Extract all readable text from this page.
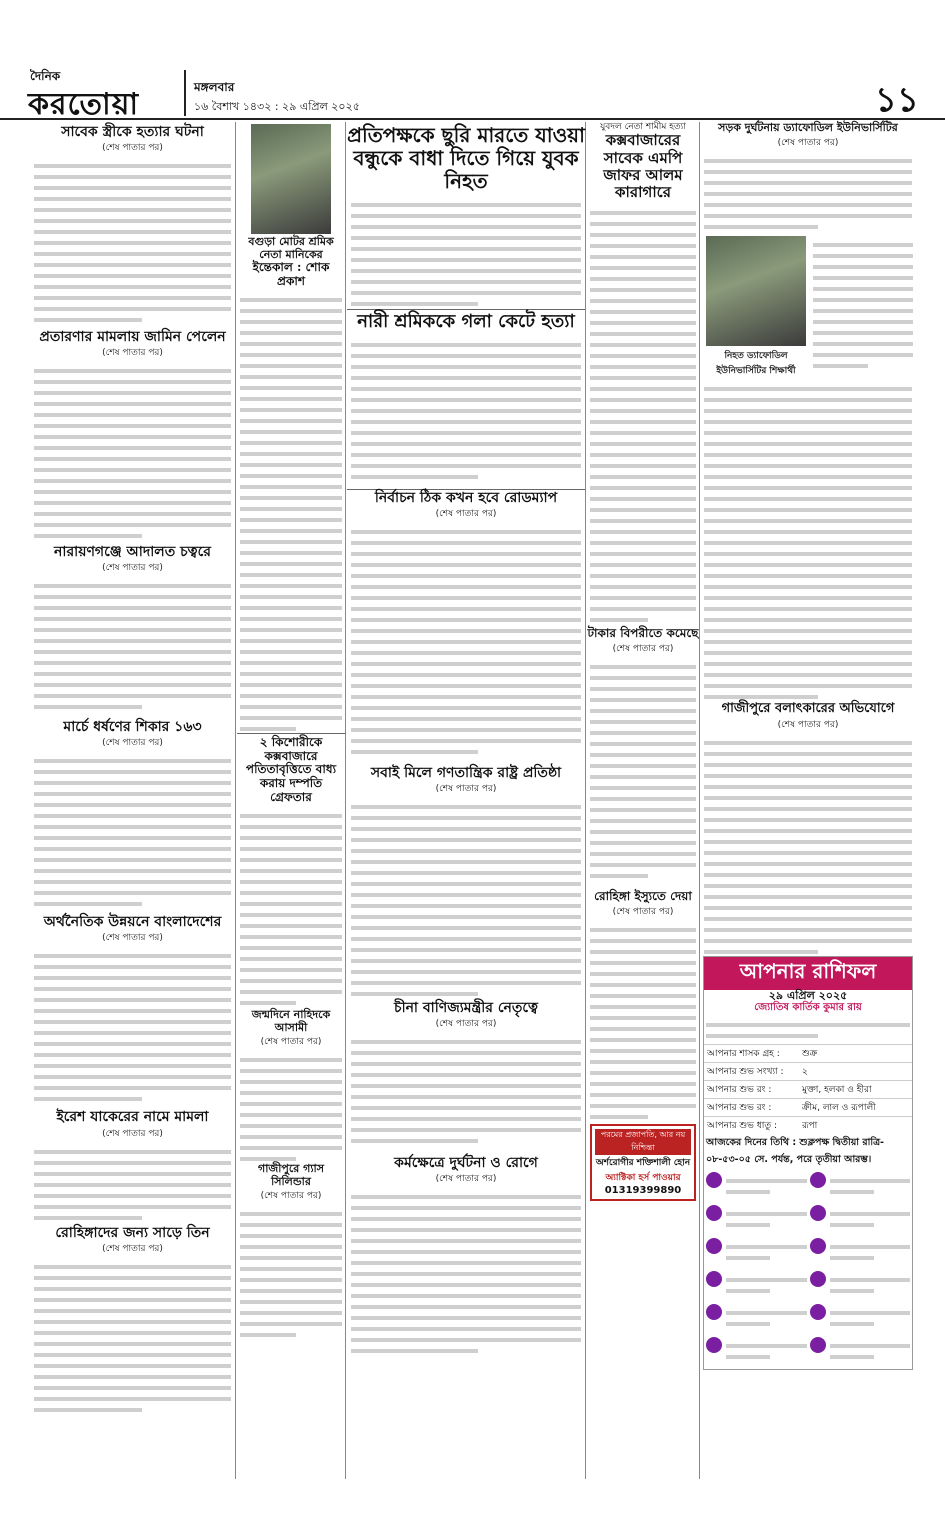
দৈনিক
করতোয়া	মঙ্গলবার
১৬ বৈশাখ ১৪৩২ : ২৯ এপ্রিল ২০২৫	১১
সাবেক স্ত্রীকে হত্যার ঘটনা
(শেষ পাতার পর)
প্রতারণার মামলায় জামিন পেলেন
(শেষ পাতার পর)
নারায়ণগঞ্জে আদালত চত্বরে
(শেষ পাতার পর)
মার্চে ধর্ষণের শিকার ১৬৩
(শেষ পাতার পর)
অর্থনৈতিক উন্নয়নে বাংলাদেশের
(শেষ পাতার পর)
ইরেশ যাকেরের নামে মামলা
(শেষ পাতার পর)
রোহিঙ্গাদের জন্য সাড়ে তিন
(শেষ পাতার পর)
বগুড়া মোটর শ্রমিক
নেতা মানিকের
ইন্তেকাল : শোক প্রকাশ
২ কিশোরীকে কক্সবাজারে পতিতাবৃত্তিতে বাধ্য করায় দম্পতি গ্রেফতার
জন্মদিনে নাহিদকে আসামী
(শেষ পাতার পর)
গাজীপুরে গ্যাস সিলিন্ডার
(শেষ পাতার পর)
প্রতিপক্ষকে ছুরি মারতে যাওয়া বন্ধুকে বাধা দিতে গিয়ে যুবক নিহত
নারী শ্রমিককে গলা কেটে হত্যা
নির্বাচন ঠিক কখন হবে রোডম্যাপ
(শেষ পাতার পর)
সবাই মিলে গণতান্ত্রিক রাষ্ট্র প্রতিষ্ঠা
(শেষ পাতার পর)
চীনা বাণিজ্যমন্ত্রীর নেতৃত্বে
(শেষ পাতার পর)
কর্মক্ষেত্রে দুর্ঘটনা ও রোগে
(শেষ পাতার পর)
যুবদল নেতা শামীম হত্যা
কক্সবাজারের সাবেক এমপি জাফর আলম কারাগারে
টাকার বিপরীতে কমেছে
(শেষ পাতার পর)
রোহিঙ্গা ইস্যুতে দেয়া
(শেষ পাতার পর)
পরমের প্রজাপতি, আর নয় নিশ্চিন্তা
অর্শরোগীর শক্তিশালী হোন
অ্যাক্টিকা হর্স পাওয়ার
01319399890
সড়ক দুর্ঘটনায় ড্যাফোডিল ইউনিভার্সিটির
(শেষ পাতার পর)
নিহত ড্যাফোডিল
ইউনিভার্সিটির শিক্ষার্থী
গাজীপুরে বলাৎকারের অভিযোগে
(শেষ পাতার পর)
আপনার রাশিফল
২৯ এপ্রিল ২০২৫
জ্যোতিষ কার্তিক কুমার রায়
আপনার শাসক গ্রহ :	শুক্র
আপনার শুভ সংখ্যা :	২
আপনার শুভ রং :	মুক্তা, হলকা ও হীরা
আপনার শুভ রং :	ক্রীম, লাল ও রূপালী
আপনার শুভ ধাতু :	রূপা
আজকের দিনের তিথি : শুক্লপক্ষ দ্বিতীয়া রাত্রি-
০৮-৫৩-০৫ সে. পর্যন্ত, পরে তৃতীয়া আরম্ভ।
